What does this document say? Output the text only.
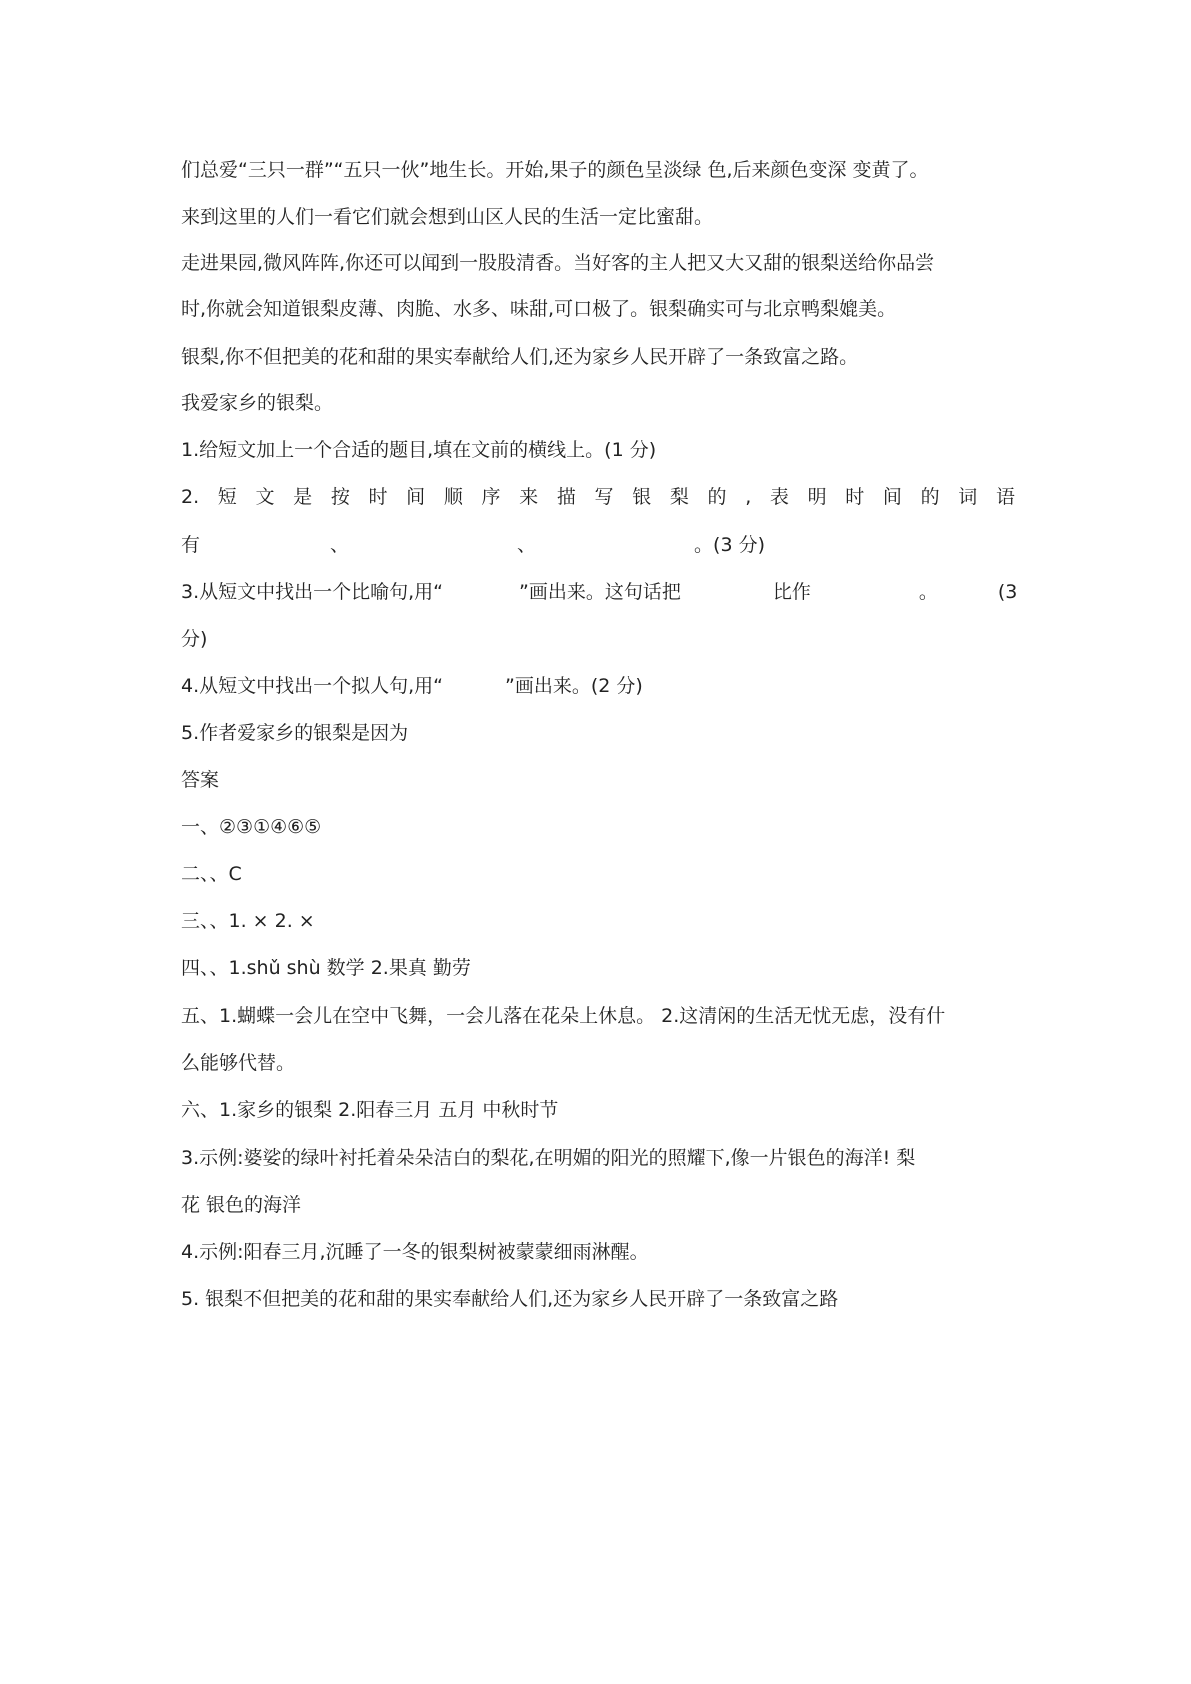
们总爱“三只一群”“五只一伙”地生长。开始,果子的颜色呈淡绿 色,后来颜色变深 变黄了。
来到这里的人们一看它们就会想到山区人民的生活一定比蜜甜。
走进果园,微风阵阵,你还可以闻到一股股清香。当好客的主人把又大又甜的银梨送给你品尝
时,你就会知道银梨皮薄、肉脆、水多、味甜,可口极了。银梨确实可与北京鸭梨媲美。
银梨,你不但把美的花和甜的果实奉献给人们,还为家乡人民开辟了一条致富之路。
我爱家乡的银梨。
1.给短文加上一个合适的题目,填在文前的横线上。(1 分)
2. 短 文 是 按 时 间 顺 序 来 描 写 银 梨 的 , 表 明 时 间 的 词 语
有	、	、	。(3 分)
3.从短文中找出一个比喻句,用“	”画出来。这句话把	比作	。	(3
分)
4.从短文中找出一个拟人句,用“	”画出来。(2 分)
5.作者爱家乡的银梨是因为
答案
一、②③①④⑥⑤
二、、C
三、、1. × 2. ×
四、、1.shǔ shù 数学 2.果真 勤劳
五、1.蝴蝶一会儿在空中飞舞，一会儿落在花朵上休息。 2.这清闲的生活无忧无虑，没有什
么能够代替。
六、1.家乡的银梨 2.阳春三月 五月 中秋时节
3.示例:婆娑的绿叶衬托着朵朵洁白的梨花,在明媚的阳光的照耀下,像一片银色的海洋! 梨
花 银色的海洋
4.示例:阳春三月,沉睡了一冬的银梨树被蒙蒙细雨淋醒。
5. 银梨不但把美的花和甜的果实奉献给人们,还为家乡人民开辟了一条致富之路
